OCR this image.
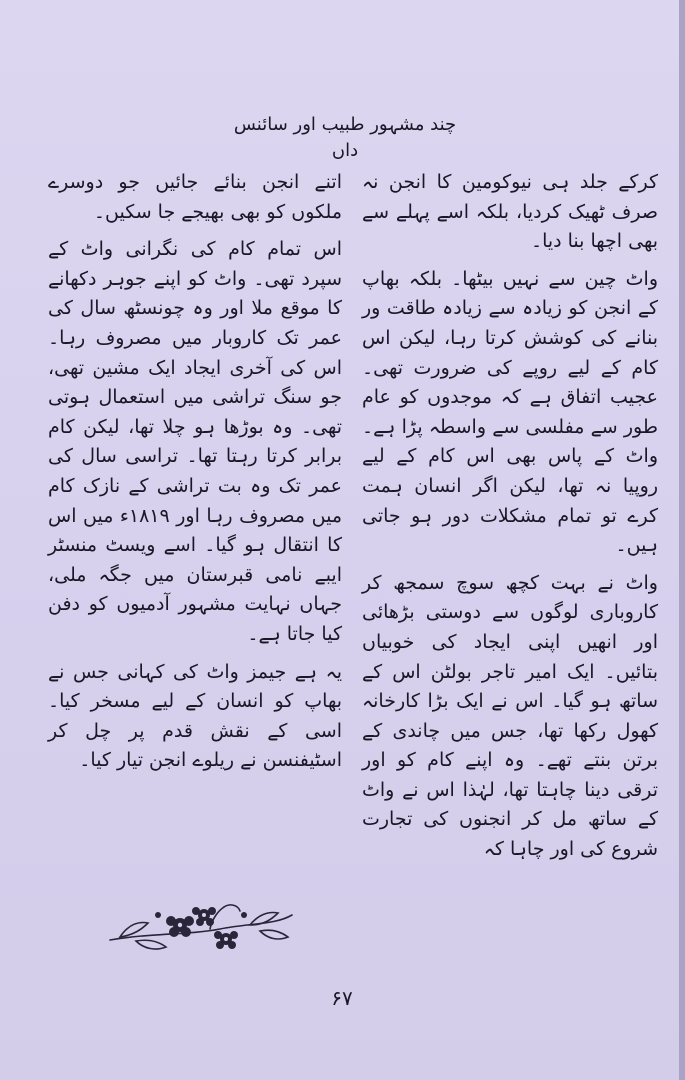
چند مشہور طبیب اور سائنس داں

کرکے جلد ہی نیوکومین کا انجن نہ صرف ٹھیک کردیا، بلکہ اسے پہلے سے بھی اچھا بنا دیا۔

واٹ چین سے نہیں بیٹھا۔ بلکہ بھاپ کے انجن کو زیادہ سے زیادہ طاقت ور بنانے کی کوشش کرتا رہا، لیکن اس کام کے لیے روپے کی ضرورت تھی۔ عجیب اتفاق ہے کہ موجدوں کو عام طور سے مفلسی سے واسطہ پڑا ہے۔ واٹ کے پاس بھی اس کام کے لیے روپیا نہ تھا، لیکن اگر انسان ہمت کرے تو تمام مشکلات دور ہو جاتی ہیں۔

واٹ نے بہت کچھ سوچ سمجھ کر کاروباری لوگوں سے دوستی بڑھائی اور انھیں اپنی ایجاد کی خوبیاں بتائیں۔ ایک امیر تاجر بولٹن اس کے ساتھ ہو گیا۔ اس نے ایک بڑا کارخانہ کھول رکھا تھا، جس میں چاندی کے برتن بنتے تھے۔ وہ اپنے کام کو اور ترقی دینا چاہتا تھا، لہٰذا اس نے واٹ کے ساتھ مل کر انجنوں کی تجارت شروع کی اور چاہا کہ

اتنے انجن بنائے جائیں جو دوسرے ملکوں کو بھی بھیجے جا سکیں۔

اس تمام کام کی نگرانی واٹ کے سپرد تھی۔ واٹ کو اپنے جوہر دکھانے کا موقع ملا اور وہ چونسٹھ سال کی عمر تک کاروبار میں مصروف رہا۔ اس کی آخری ایجاد ایک مشین تھی، جو سنگ تراشی میں استعمال ہوتی تھی۔ وہ بوڑھا ہو چلا تھا، لیکن کام برابر کرتا رہتا تھا۔ تراسی سال کی عمر تک وہ بت تراشی کے نازک کام میں مصروف رہا اور ۱۸۱۹ء میں اس کا انتقال ہو گیا۔ اسے ویسٹ منسٹر ایبے نامی قبرستان میں جگہ ملی، جہاں نہایت مشہور آدمیوں کو دفن کیا جاتا ہے۔

یہ ہے جیمز واٹ کی کہانی جس نے بھاپ کو انسان کے لیے مسخر کیا۔ اسی کے نقش قدم پر چل کر اسٹیفنسن نے ریلوے انجن تیار کیا۔

۶۷
